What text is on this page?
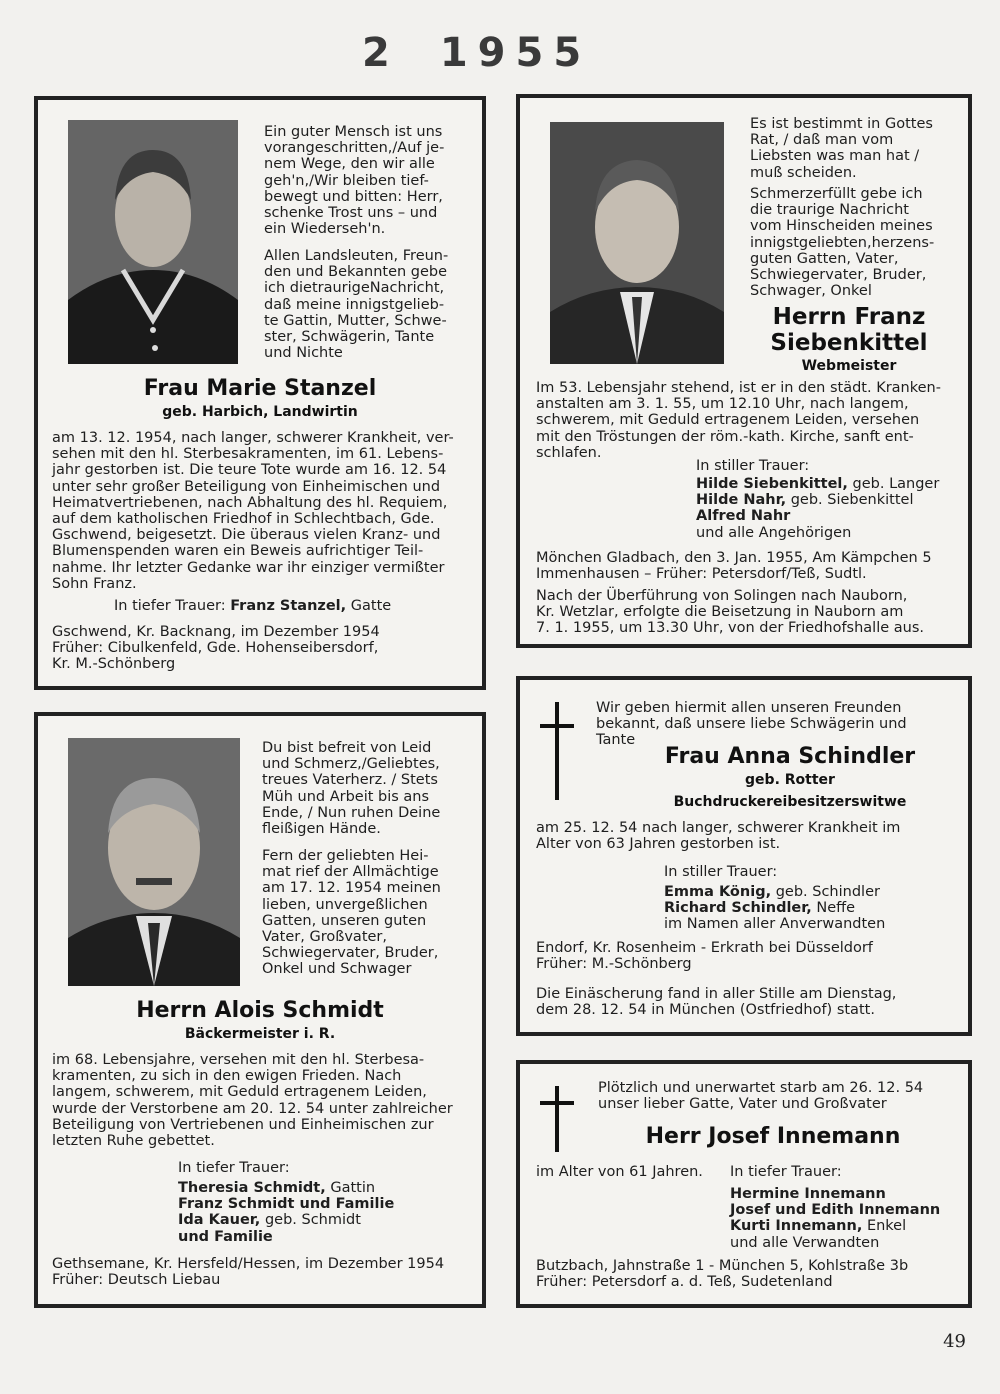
2 1955
Ein guter Mensch ist uns
vorangeschritten,/Auf je-
nem Wege, den wir alle
geh'n,/Wir bleiben tief-
bewegt und bitten: Herr,
schenke Trost uns – und
ein Wiederseh'n.
Allen Landsleuten, Freun-
den und Bekannten gebe
ich dietraurigeNachricht,
daß meine innigstgelieb-
te Gattin, Mutter, Schwe-
ster, Schwägerin, Tante
und Nichte
Frau Marie Stanzel
geb. Harbich, Landwirtin
am 13. 12. 1954, nach langer, schwerer Krankheit, ver-
sehen mit den hl. Sterbesakramenten, im 61. Lebens-
jahr gestorben ist. Die teure Tote wurde am 16. 12. 54
unter sehr großer Beteiligung von Einheimischen und
Heimatvertriebenen, nach Abhaltung des hl. Requiem,
auf dem katholischen Friedhof in Schlechtbach, Gde.
Gschwend, beigesetzt. Die überaus vielen Kranz- und
Blumenspenden waren ein Beweis aufrichtiger Teil-
nahme. Ihr letzter Gedanke war ihr einziger vermißter
Sohn Franz.
In tiefer Trauer: Franz Stanzel, Gatte
Gschwend, Kr. Backnang, im Dezember 1954
Früher: Cibulkenfeld, Gde. Hohenseibersdorf,
Kr. M.-Schönberg
Es ist bestimmt in Gottes
Rat, / daß man vom
Liebsten was man hat /
muß scheiden.
Schmerzerfüllt gebe ich
die traurige Nachricht
vom Hinscheiden meines
innigstgeliebten,herzens-
guten Gatten, Vater,
Schwiegervater, Bruder,
Schwager, Onkel
Herrn Franz
Siebenkittel
Webmeister
Im 53. Lebensjahr stehend, ist er in den städt. Kranken-
anstalten am 3. 1. 55, um 12.10 Uhr, nach langem,
schwerem, mit Geduld ertragenem Leiden, versehen
mit den Tröstungen der röm.-kath. Kirche, sanft ent-
schlafen.
In stiller Trauer:
Hilde Siebenkittel, geb. Langer
Hilde Nahr, geb. Siebenkittel
Alfred Nahr
und alle Angehörigen
Mönchen Gladbach, den 3. Jan. 1955, Am Kämpchen 5
Immenhausen – Früher: Petersdorf/Teß, Sudtl.
Nach der Überführung von Solingen nach Nauborn,
Kr. Wetzlar, erfolgte die Beisetzung in Nauborn am
7. 1. 1955, um 13.30 Uhr, von der Friedhofshalle aus.
Du bist befreit von Leid
und Schmerz,/Geliebtes,
treues Vaterherz. / Stets
Müh und Arbeit bis ans
Ende, / Nun ruhen Deine
fleißigen Hände.
Fern der geliebten Hei-
mat rief der Allmächtige
am 17. 12. 1954 meinen
lieben, unvergeßlichen
Gatten, unseren guten
Vater, Großvater,
Schwiegervater, Bruder,
Onkel und Schwager
Herrn Alois Schmidt
Bäckermeister i. R.
im 68. Lebensjahre, versehen mit den hl. Sterbesa-
kramenten, zu sich in den ewigen Frieden. Nach
langem, schwerem, mit Geduld ertragenem Leiden,
wurde der Verstorbene am 20. 12. 54 unter zahlreicher
Beteiligung von Vertriebenen und Einheimischen zur
letzten Ruhe gebettet.
In tiefer Trauer:
Theresia Schmidt, Gattin
Franz Schmidt und Familie
Ida Kauer, geb. Schmidt
und Familie
Gethsemane, Kr. Hersfeld/Hessen, im Dezember 1954
Früher: Deutsch Liebau
Wir geben hiermit allen unseren Freunden
bekannt, daß unsere liebe Schwägerin und
Tante
Frau Anna Schindler
geb. Rotter
Buchdruckereibesitzerswitwe
am 25. 12. 54 nach langer, schwerer Krankheit im
Alter von 63 Jahren gestorben ist.
In stiller Trauer:
Emma König, geb. Schindler
Richard Schindler, Neffe
im Namen aller Anverwandten
Endorf, Kr. Rosenheim - Erkrath bei Düsseldorf
Früher: M.-Schönberg
Die Einäscherung fand in aller Stille am Dienstag,
dem 28. 12. 54 in München (Ostfriedhof) statt.
Plötzlich und unerwartet starb am 26. 12. 54
unser lieber Gatte, Vater und Großvater
Herr Josef Innemann
im Alter von 61 Jahren. In tiefer Trauer:
Hermine Innemann
Josef und Edith Innemann
Kurti Innemann, Enkel
und alle Verwandten
Butzbach, Jahnstraße 1 - München 5, Kohlstraße 3b
Früher: Petersdorf a. d. Teß, Sudetenland
49
